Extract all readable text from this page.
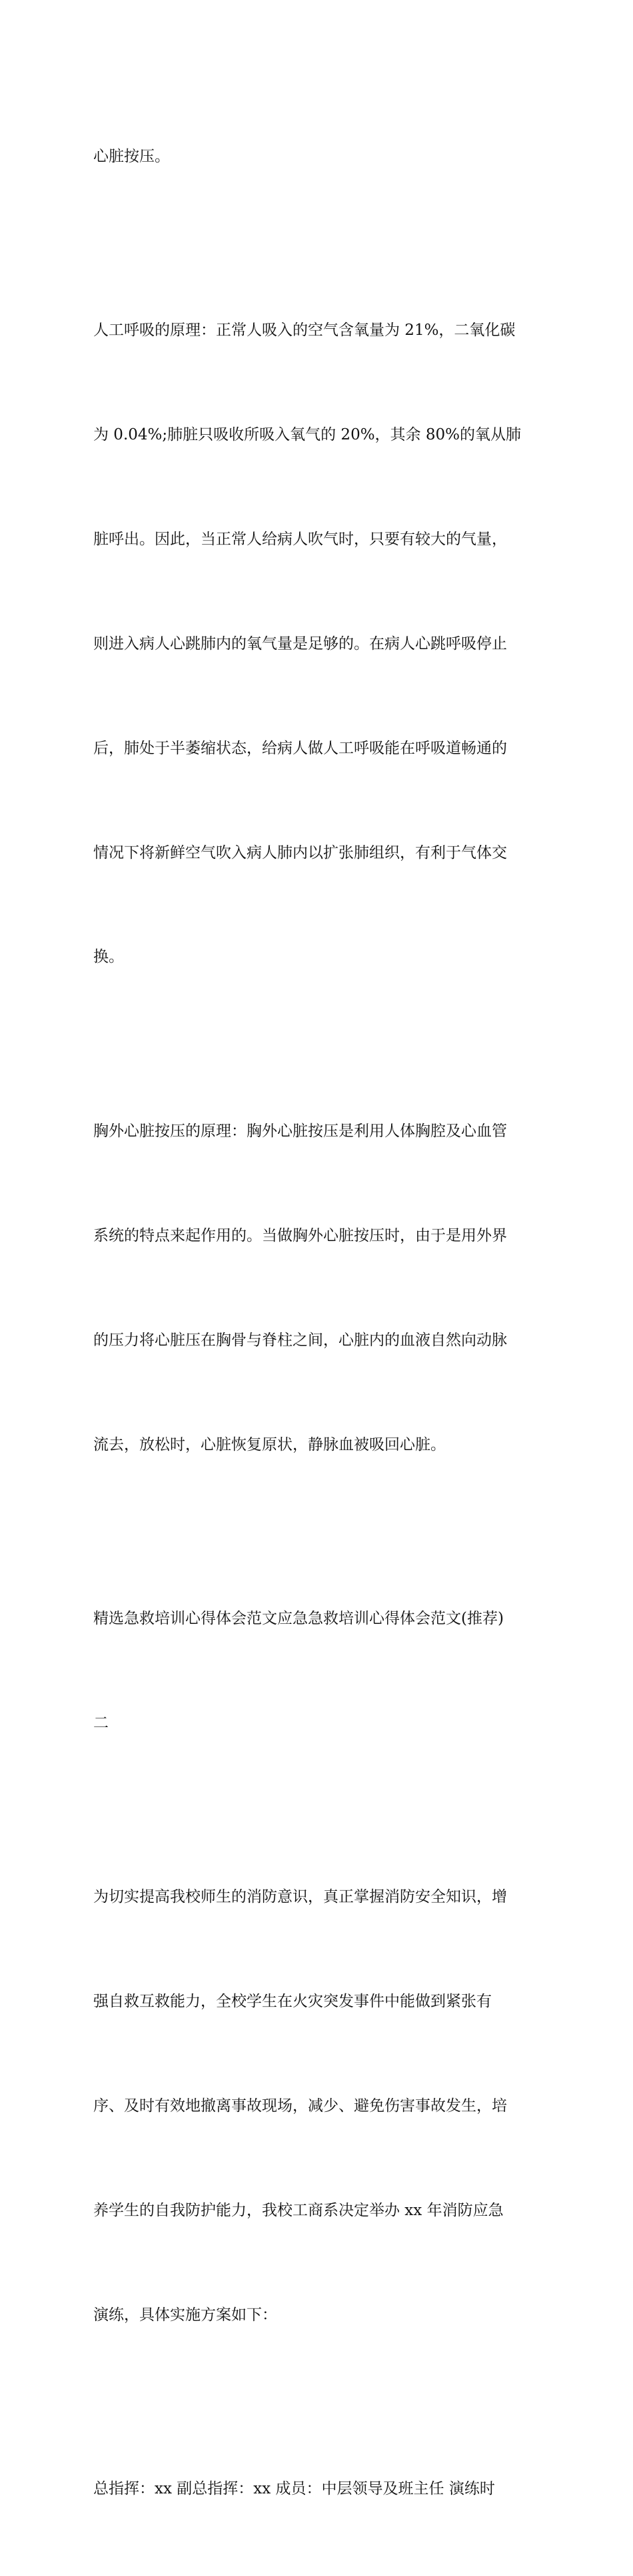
心脏按压。

人工呼吸的原理：正常人吸入的空气含氧量为 21%，二氧化碳

为 0.04%;肺脏只吸收所吸入氧气的 20%，其余 80%的氧从肺

脏呼出。因此，当正常人给病人吹气时，只要有较大的气量，

则进入病人心跳肺内的氧气量是足够的。在病人心跳呼吸停止

后，肺处于半萎缩状态，给病人做人工呼吸能在呼吸道畅通的

情况下将新鲜空气吹入病人肺内以扩张肺组织，有利于气体交

换。

胸外心脏按压的原理：胸外心脏按压是利用人体胸腔及心血管

系统的特点来起作用的。当做胸外心脏按压时，由于是用外界

的压力将心脏压在胸骨与脊柱之间，心脏内的血液自然向动脉

流去，放松时，心脏恢复原状，静脉血被吸回心脏。

精选急救培训心得体会范文应急急救培训心得体会范文(推荐)

二

为切实提高我校师生的消防意识，真正掌握消防安全知识，增

强自救互救能力，全校学生在火灾突发事件中能做到紧张有

序、及时有效地撤离事故现场，减少、避免伤害事故发生，培

养学生的自我防护能力，我校工商系决定举办 xx 年消防应急

演练，具体实施方案如下：

总指挥：xx 副总指挥：xx 成员：中层领导及班主任 演练时
